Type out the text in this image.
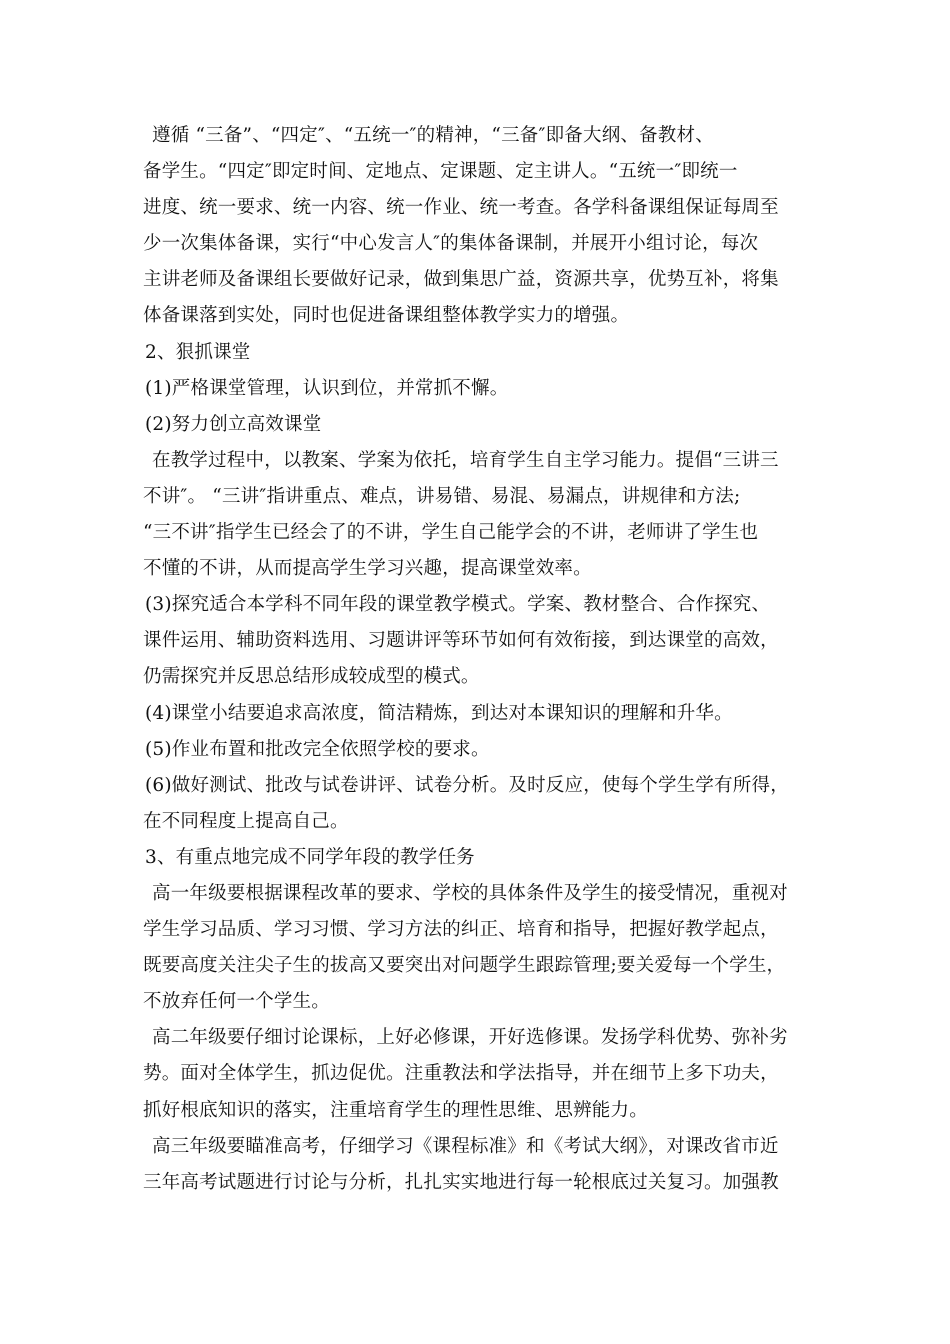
遵循 “三备”、“四定″、“五统一″的精神，“三备″即备大纲、备教材、
备学生。“四定″即定时间、定地点、定课题、定主讲人。“五统一″即统一
进度、统一要求、统一内容、统一作业、统一考查。各学科备课组保证每周至
少一次集体备课，实行“中心发言人″的集体备课制，并展开小组讨论，每次
主讲老师及备课组长要做好记录，做到集思广益，资源共享，优势互补，将集
体备课落到实处，同时也促进备课组整体教学实力的增强。
2、狠抓课堂
(1)严格课堂管理，认识到位，并常抓不懈。
(2)努力创立高效课堂
在教学过程中，以教案、学案为依托，培育学生自主学习能力。提倡“三讲三
不讲″。 “三讲″指讲重点、难点，讲易错、易混、易漏点，讲规律和方法;
“三不讲″指学生已经会了的不讲，学生自己能学会的不讲，老师讲了学生也
不懂的不讲，从而提高学生学习兴趣，提高课堂效率。
(3)探究适合本学科不同年段的课堂教学模式。学案、教材整合、合作探究、
课件运用、辅助资料选用、习题讲评等环节如何有效衔接，到达课堂的高效，
仍需探究并反思总结形成较成型的模式。
(4)课堂小结要追求高浓度，简洁精炼，到达对本课知识的理解和升华。
(5)作业布置和批改完全依照学校的要求。
(6)做好测试、批改与试卷讲评、试卷分析。及时反应，使每个学生学有所得，
在不同程度上提高自己。
3、有重点地完成不同学年段的教学任务
高一年级要根据课程改革的要求、学校的具体条件及学生的接受情况，重视对
学生学习品质、学习习惯、学习方法的纠正、培育和指导，把握好教学起点，
既要高度关注尖子生的拔高又要突出对问题学生跟踪管理;要关爱每一个学生，
不放弃任何一个学生。
高二年级要仔细讨论课标，上好必修课，开好选修课。发扬学科优势、弥补劣
势。面对全体学生，抓边促优。注重教法和学法指导，并在细节上多下功夫，
抓好根底知识的落实，注重培育学生的理性思维、思辨能力。
高三年级要瞄准高考，仔细学习《课程标准》和《考试大纲》，对课改省市近
三年高考试题进行讨论与分析，扎扎实实地进行每一轮根底过关复习。加强教
